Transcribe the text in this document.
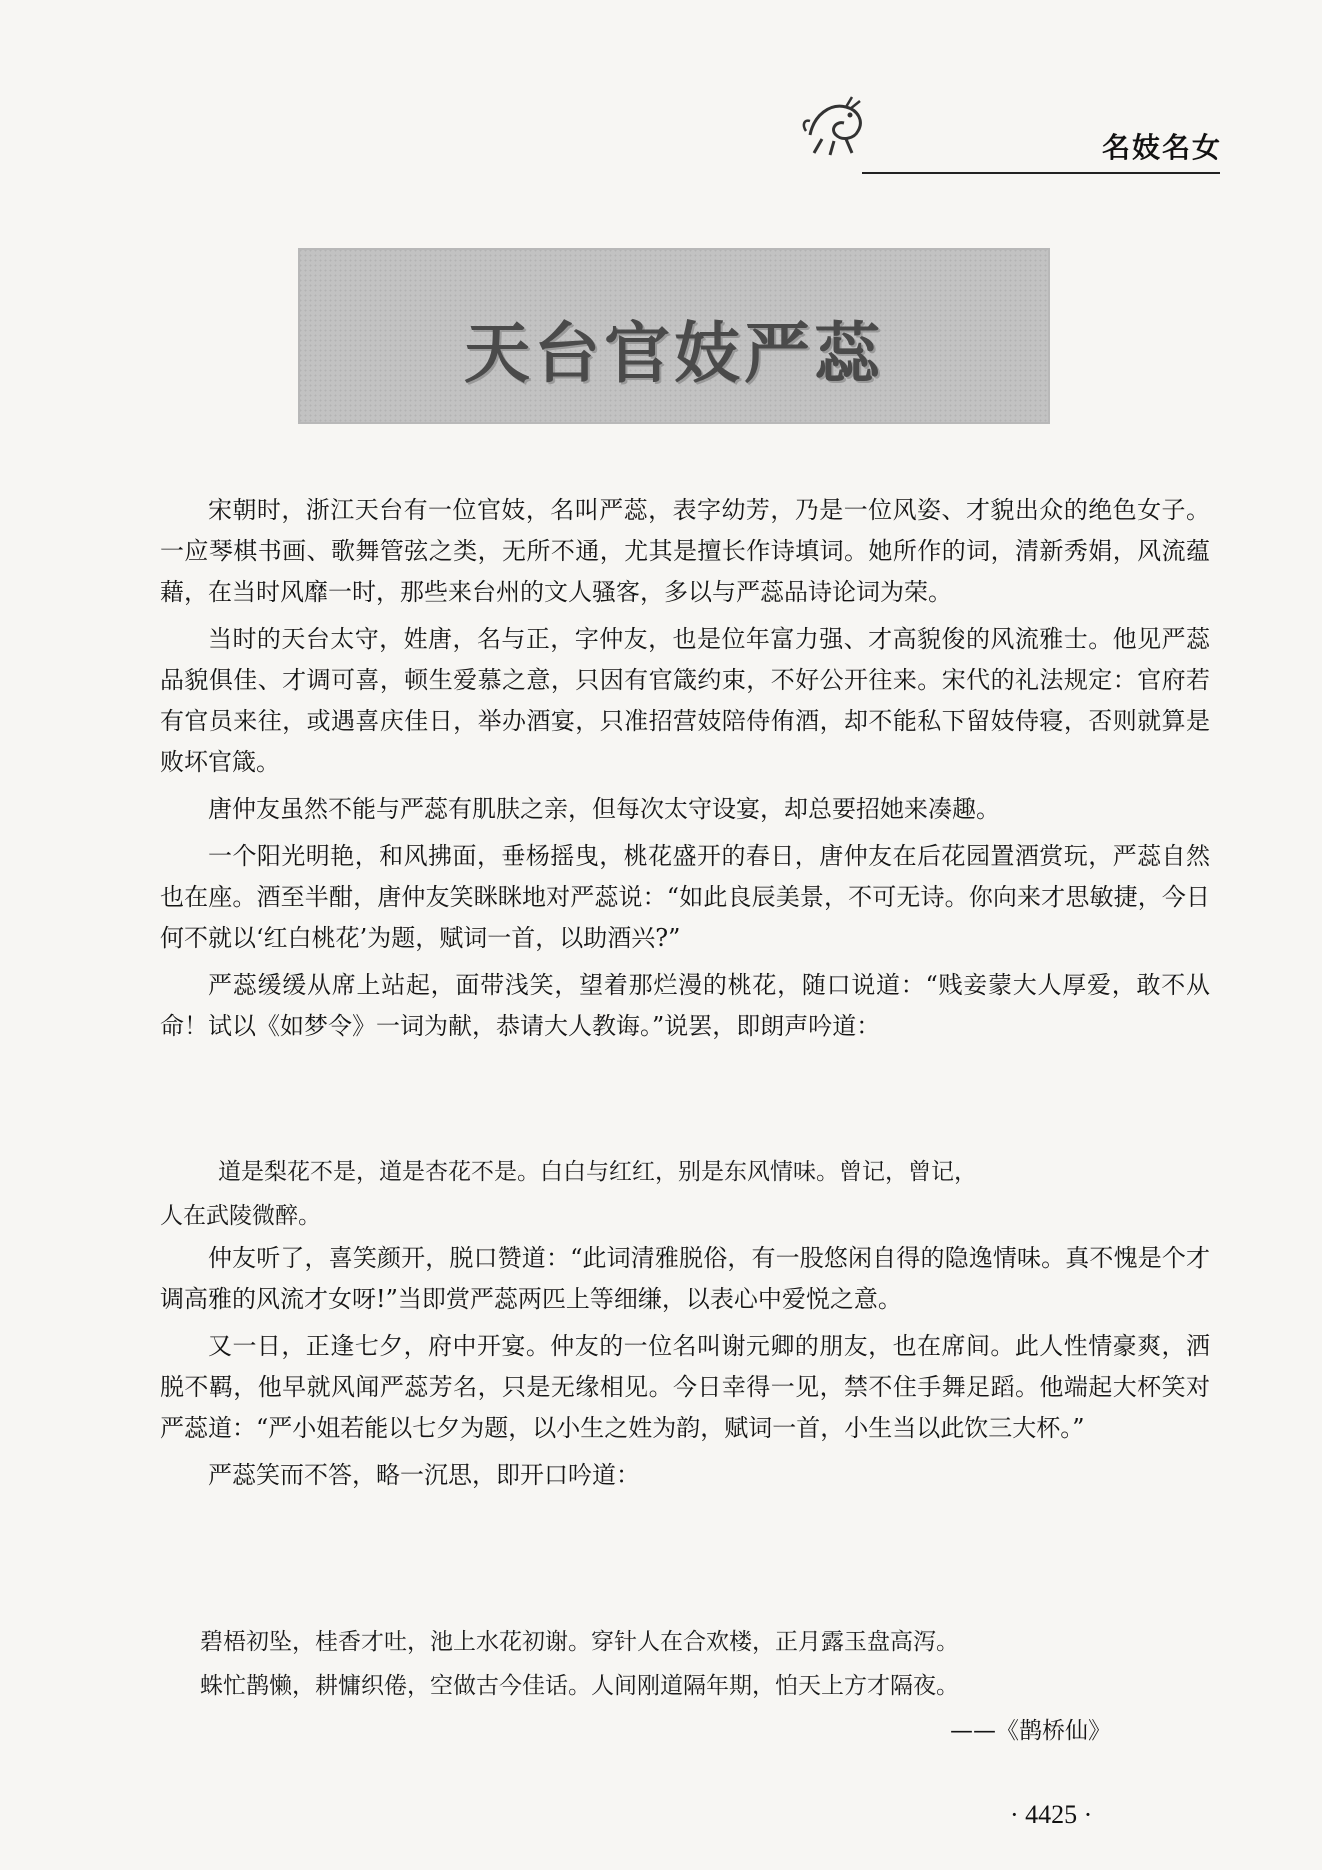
名妓名女
天台官妓严蕊

宋朝时，浙江天台有一位官妓，名叫严蕊，表字幼芳，乃是一位风姿、才貌出众的绝色女子。一应琴棋书画、歌舞管弦之类，无所不通，尤其是擅长作诗填词。她所作的词，清新秀娟，风流蕴藉，在当时风靡一时，那些来台州的文人骚客，多以与严蕊品诗论词为荣。

当时的天台太守，姓唐，名与正，字仲友，也是位年富力强、才高貌俊的风流雅士。他见严蕊品貌俱佳、才调可喜，顿生爱慕之意，只因有官箴约束，不好公开往来。宋代的礼法规定：官府若有官员来往，或遇喜庆佳日，举办酒宴，只准招营妓陪侍侑酒，却不能私下留妓侍寝，否则就算是败坏官箴。

唐仲友虽然不能与严蕊有肌肤之亲，但每次太守设宴，却总要招她来凑趣。

一个阳光明艳，和风拂面，垂杨摇曳，桃花盛开的春日，唐仲友在后花园置酒赏玩，严蕊自然也在座。酒至半酣，唐仲友笑眯眯地对严蕊说：“如此良辰美景，不可无诗。你向来才思敏捷，今日何不就以‘红白桃花’为题，赋词一首，以助酒兴?”

严蕊缓缓从席上站起，面带浅笑，望着那烂漫的桃花，随口说道：“贱妾蒙大人厚爱，敢不从命！试以《如梦令》一词为献，恭请大人教诲。”说罢，即朗声吟道：

道是梨花不是，道是杏花不是。白白与红红，别是东风情味。曾记，曾记，
人在武陵微醉。

仲友听了，喜笑颜开，脱口赞道：“此词清雅脱俗，有一股悠闲自得的隐逸情味。真不愧是个才调高雅的风流才女呀!”当即赏严蕊两匹上等细缣，以表心中爱悦之意。

又一日，正逢七夕，府中开宴。仲友的一位名叫谢元卿的朋友，也在席间。此人性情豪爽，洒脱不羁，他早就风闻严蕊芳名，只是无缘相见。今日幸得一见，禁不住手舞足蹈。他端起大杯笑对严蕊道：“严小姐若能以七夕为题，以小生之姓为韵，赋词一首，小生当以此饮三大杯。”

严蕊笑而不答，略一沉思，即开口吟道：

碧梧初坠，桂香才吐，池上水花初谢。穿针人在合欢楼，正月露玉盘高泻。
蛛忙鹊懒，耕慵织倦，空做古今佳话。人间刚道隔年期，怕天上方才隔夜。
——《鹊桥仙》
· 4425 ·
